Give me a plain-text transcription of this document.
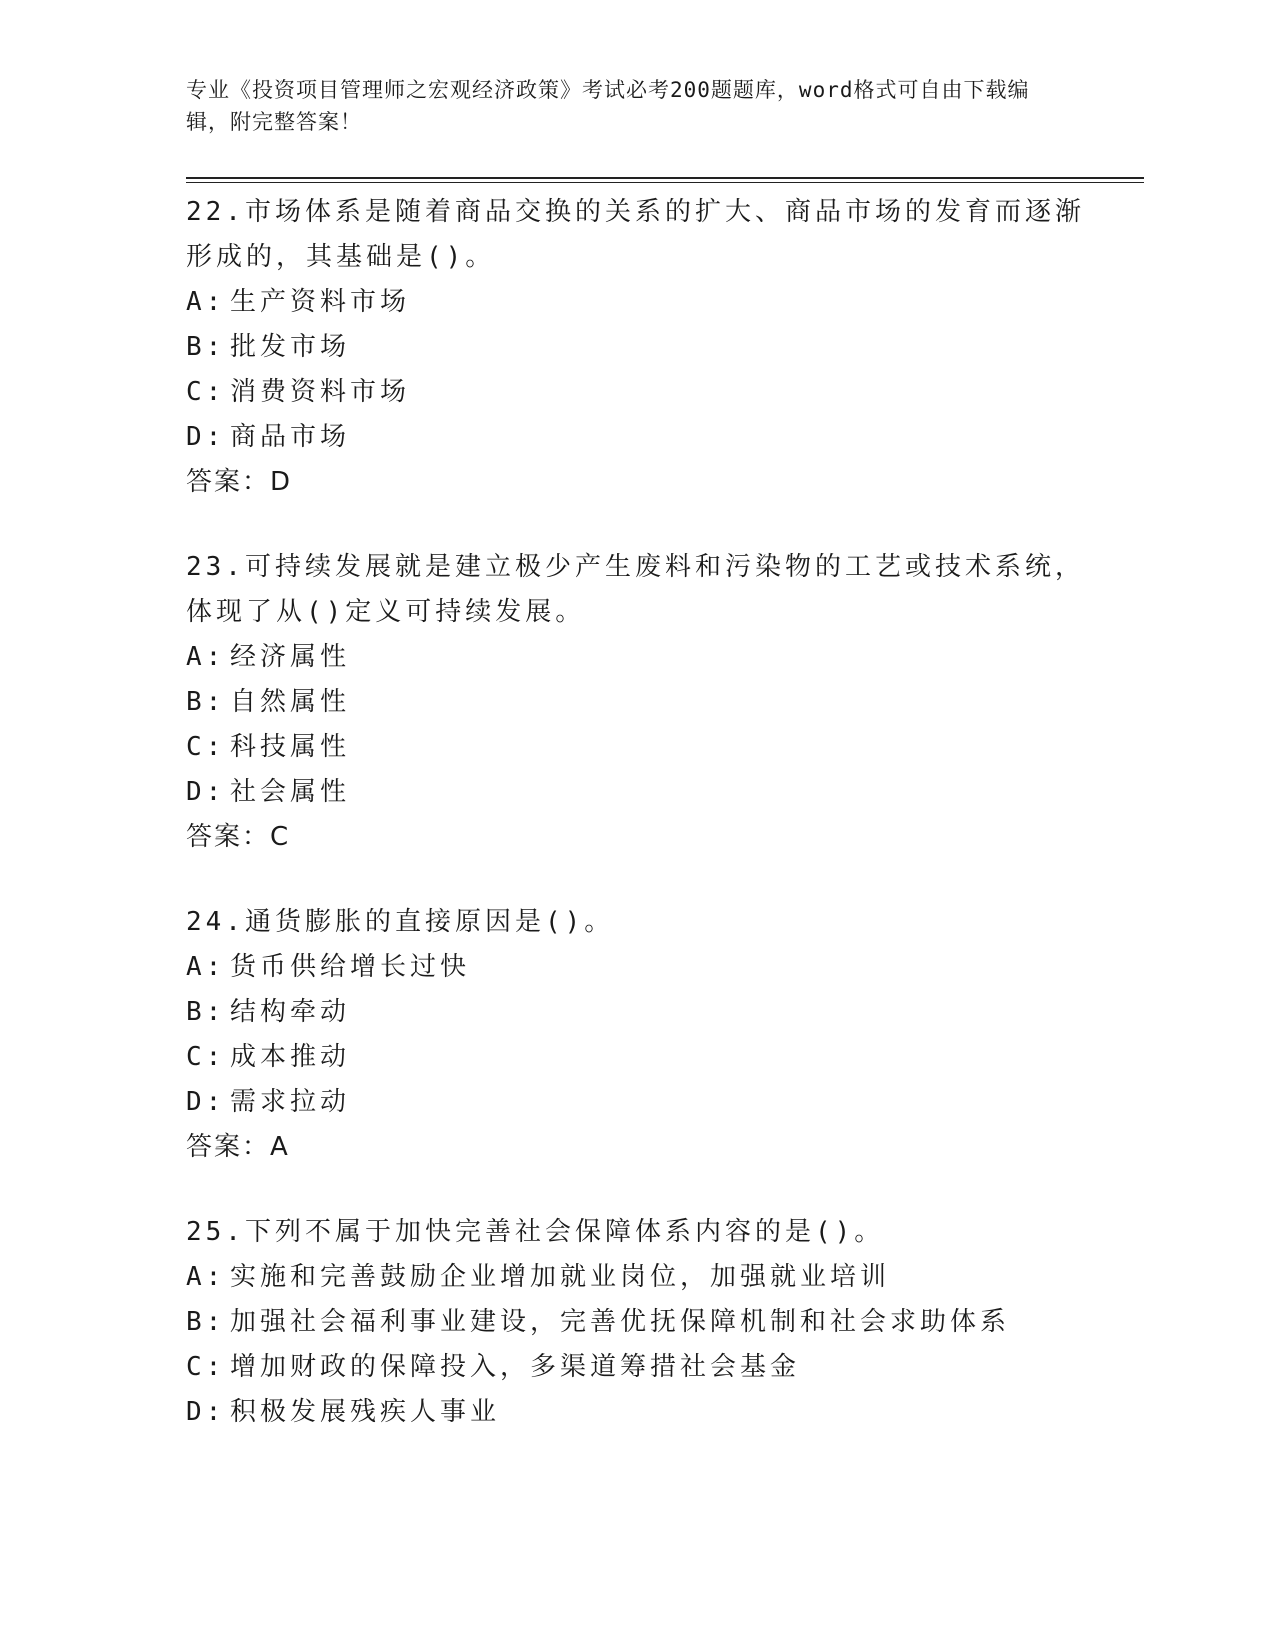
专业《投资项目管理师之宏观经济政策》考试必考200题题库，word格式可自由下载编辑，附完整答案！
22.市场体系是随着商品交换的关系的扩大、商品市场的发育而逐渐形成的，其基础是()。
A: 生产资料市场
B: 批发市场
C: 消费资料市场
D: 商品市场
答案：D
23.可持续发展就是建立极少产生废料和污染物的工艺或技术系统，体现了从()定义可持续发展。
A: 经济属性
B: 自然属性
C: 科技属性
D: 社会属性
答案：C
24.通货膨胀的直接原因是()。
A: 货币供给增长过快
B: 结构牵动
C: 成本推动
D: 需求拉动
答案：A
25.下列不属于加快完善社会保障体系内容的是()。
A: 实施和完善鼓励企业增加就业岗位，加强就业培训
B: 加强社会福利事业建设，完善优抚保障机制和社会求助体系
C: 增加财政的保障投入，多渠道筹措社会基金
D: 积极发展残疾人事业
